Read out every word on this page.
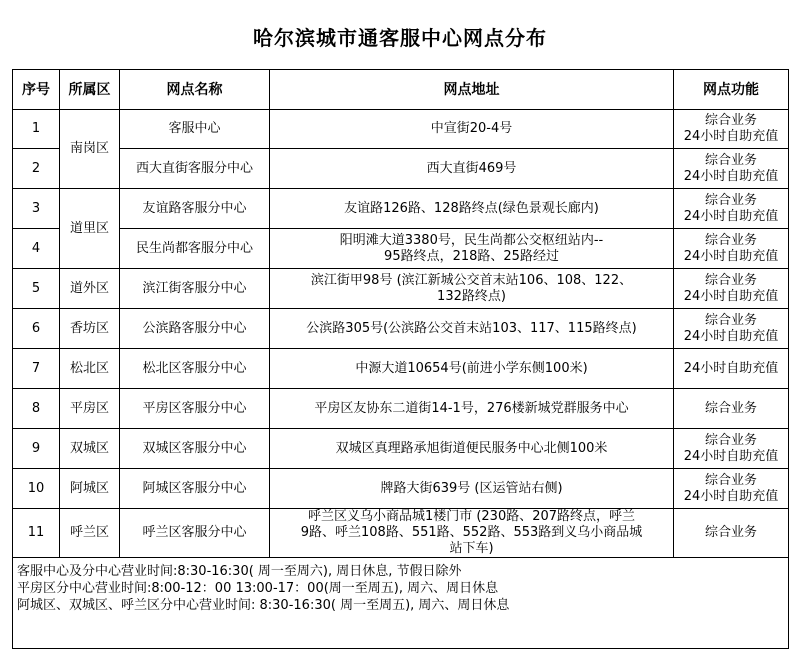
哈尔滨城市通客服中心网点分布
序号	所属区	网点名称	网点地址	网点功能
1	南岗区	客服中心	中宣街20-4号	综合业务
24小时自助充值

2		西大直街客服分中心	西大直街469号	综合业务
24小时自助充值

3	道里区	友谊路客服分中心	友谊路126路、128路终点(绿色景观长廊内)	综合业务
24小时自助充值

4		民生尚都客服分中心	阳明滩大道3380号，民生尚都公交枢纽站内--
95路终点，218路、25路经过	综合业务
24小时自助充值

5	道外区	滨江街客服分中心	滨江街甲98号 (滨江新城公交首末站106、108、122、
132路终点)	综合业务
24小时自助充值

6	香坊区	公滨路客服分中心	公滨路305号(公滨路公交首末站103、117、115路终点)	综合业务
24小时自助充值

7	松北区	松北区客服分中心	中源大道10654号(前进小学东侧100米)	24小时自助充值

8	平房区	平房区客服分中心	平房区友协东二道街14-1号，276楼新城党群服务中心	综合业务

9	双城区	双城区客服分中心	双城区真理路承旭街道便民服务中心北侧100米	综合业务
24小时自助充值

10	阿城区	阿城区客服分中心	牌路大街639号 (区运管站右侧)	综合业务
24小时自助充值

11	呼兰区	呼兰区客服分中心	呼兰区义乌小商品城1楼门市 (230路、207路终点，呼兰
9路、呼兰108路、551路、552路、553路到义乌小商品城
站下车)	综合业务

客服中心及分中心营业时间:8:30-16:30( 周一至周六), 周日休息, 节假日除外
平房区分中心营业时间:8:00-12：00 13:00-17：00(周一至周五), 周六、周日休息
阿城区、双城区、呼兰区分中心营业时间: 8:30-16:30( 周一至周五), 周六、周日休息				
